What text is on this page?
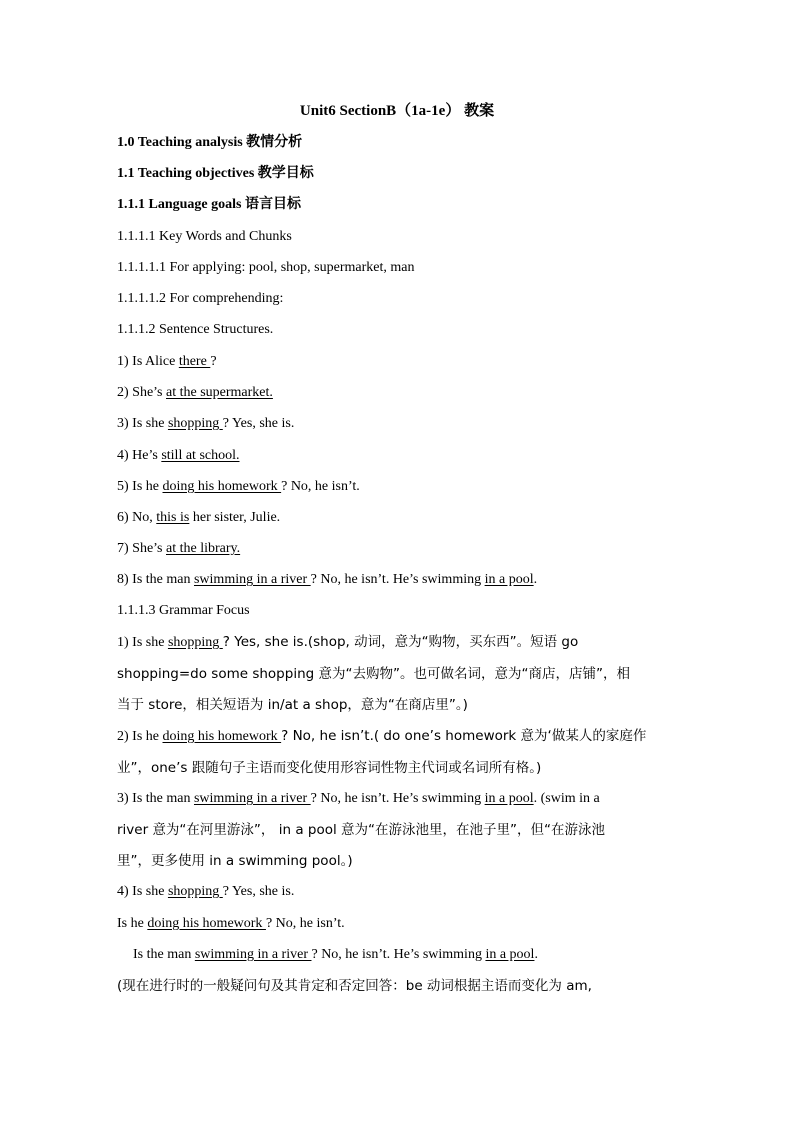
Unit6 SectionB（1a-1e） 教案
1.0 Teaching analysis 教情分析
1.1 Teaching objectives 教学目标
1.1.1 Language goals 语言目标
1.1.1.1 Key Words and Chunks
1.1.1.1.1 For applying: pool, shop, supermarket, man
1.1.1.1.2 For comprehending:
1.1.1.2 Sentence Structures.
1) Is Alice there ?
2) She’s at the supermarket.
3) Is she shopping ? Yes, she is.
4) He’s still at school.
5) Is he doing his homework ? No, he isn’t.
6) No, this is her sister, Julie.
7) She’s at the library.
8) Is the man swimming in a river ? No, he isn’t. He’s swimming in a pool.
1.1.1.3 Grammar Focus
1) Is she shopping ? Yes, she is.(shop, 动词，意为“购物，买东西”。短语 go
shopping=do some shopping 意为“去购物”。也可做名词，意为“商店，店铺”，相
当于 store，相关短语为 in/at a shop，意为“在商店里”。)
2) Is he doing his homework ? No, he isn’t.( do one’s homework 意为‘做某人的家庭作
业”，one’s 跟随句子主语而变化使用形容词性物主代词或名词所有格。)
3) Is the man swimming in a river ? No, he isn’t. He’s swimming in a pool. (swim in a
river 意为“在河里游泳”， in a pool 意为“在游泳池里，在池子里”，但“在游泳池
里”，更多使用 in a swimming pool。)
4) Is she shopping ? Yes, she is.
Is he doing his homework ? No, he isn’t.
Is the man swimming in a river ? No, he isn’t. He’s swimming in a pool.
(现在进行时的一般疑问句及其肯定和否定回答：be 动词根据主语而变化为 am,
